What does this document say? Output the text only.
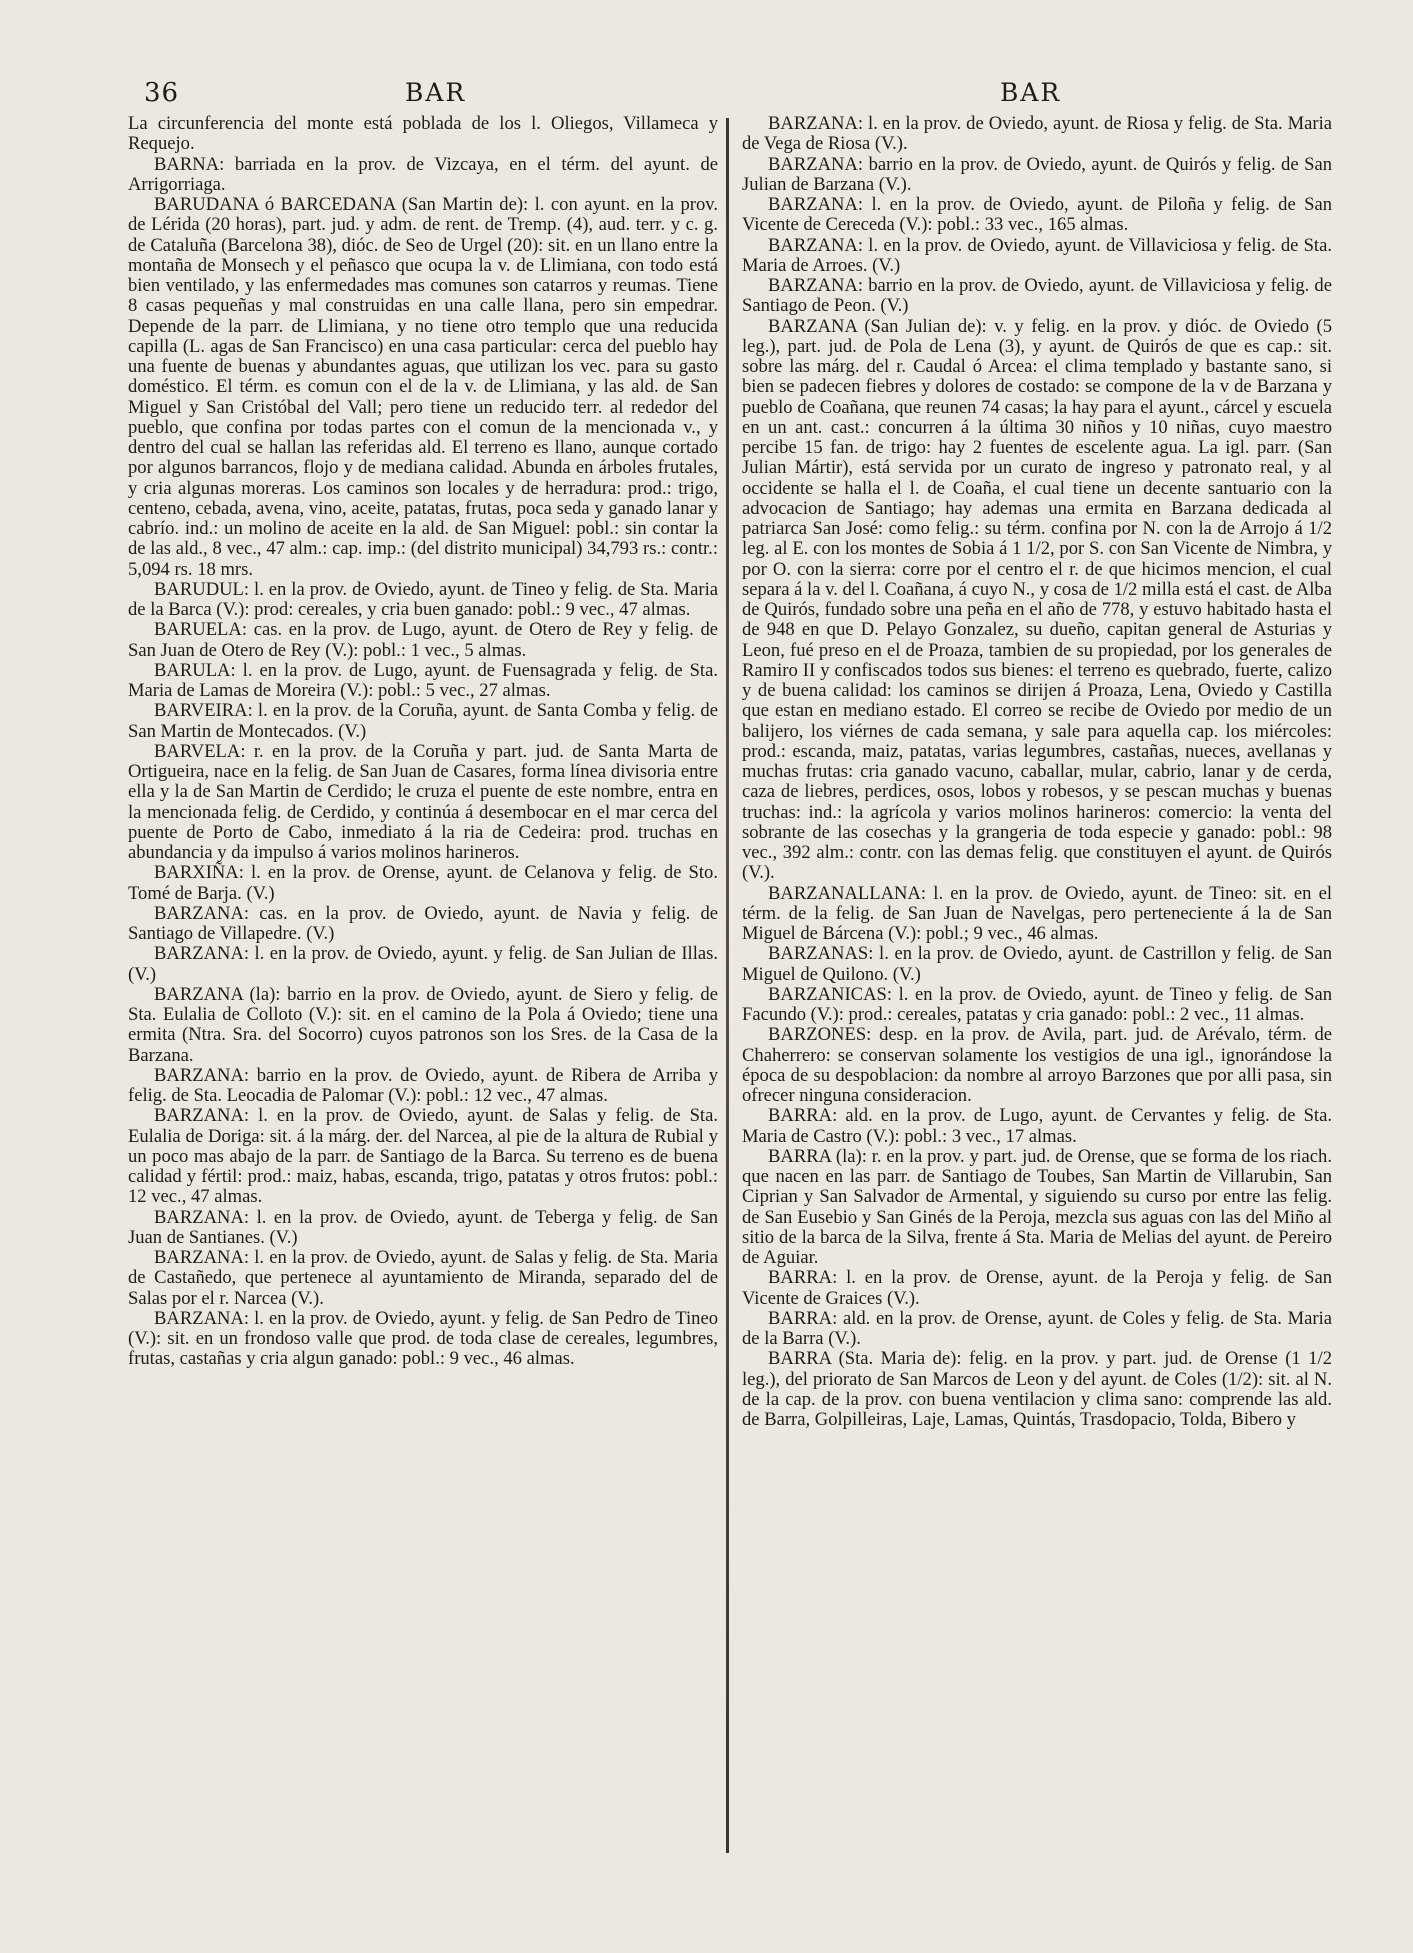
36	BAR	BAR

La circunferencia del monte está poblada de los l. Oliegos, Villameca y Requejo.

BARNA: barriada en la prov. de Vizcaya, en el térm. del ayunt. de Arrigorriaga.

BARUDANA ó BARCEDANA (San Martin de): l. con ayunt. en la prov. de Lérida (20 horas), part. jud. y adm. de rent. de Tremp. (4), aud. terr. y c. g. de Cataluña (Barcelona 38), dióc. de Seo de Urgel (20): sit. en un llano entre la montaña de Monsech y el peñasco que ocupa la v. de Llimiana, con todo está bien ventilado, y las enfermedades mas comunes son catarros y reumas. Tiene 8 casas pequeñas y mal construidas en una calle llana, pero sin empedrar. Depende de la parr. de Llimiana, y no tiene otro templo que una reducida capilla (L. agas de San Francisco) en una casa particular: cerca del pueblo hay una fuente de buenas y abundantes aguas, que utilizan los vec. para su gasto doméstico. El térm. es comun con el de la v. de Llimiana, y las ald. de San Miguel y San Cristóbal del Vall; pero tiene un reducido terr. al rededor del pueblo, que confina por todas partes con el comun de la mencionada v., y dentro del cual se hallan las referidas ald. El terreno es llano, aunque cortado por algunos barrancos, flojo y de mediana calidad. Abunda en árboles frutales, y cria algunas moreras. Los caminos son locales y de herradura: prod.: trigo, centeno, cebada, avena, vino, aceite, patatas, frutas, poca seda y ganado lanar y cabrío. ind.: un molino de aceite en la ald. de San Miguel: pobl.: sin contar la de las ald., 8 vec., 47 alm.: cap. imp.: (del distrito municipal) 34,793 rs.: contr.: 5,094 rs. 18 mrs.

BARUDUL: l. en la prov. de Oviedo, ayunt. de Tineo y felig. de Sta. Maria de la Barca (V.): prod: cereales, y cria buen ganado: pobl.: 9 vec., 47 almas.

BARUELA: cas. en la prov. de Lugo, ayunt. de Otero de Rey y felig. de San Juan de Otero de Rey (V.): pobl.: 1 vec., 5 almas.

BARULA: l. en la prov. de Lugo, ayunt. de Fuensagrada y felig. de Sta. Maria de Lamas de Moreira (V.): pobl.: 5 vec., 27 almas.

BARVEIRA: l. en la prov. de la Coruña, ayunt. de Santa Comba y felig. de San Martin de Montecados. (V.)

BARVELA: r. en la prov. de la Coruña y part. jud. de Santa Marta de Ortigueira, nace en la felig. de San Juan de Casares, forma línea divisoria entre ella y la de San Martin de Cerdido; le cruza el puente de este nombre, entra en la mencionada felig. de Cerdido, y continúa á desembocar en el mar cerca del puente de Porto de Cabo, inmediato á la ria de Cedeira: prod. truchas en abundancia y da impulso á varios molinos harineros.

BARXIÑA: l. en la prov. de Orense, ayunt. de Celanova y felig. de Sto. Tomé de Barja. (V.)

BARZANA: cas. en la prov. de Oviedo, ayunt. de Navia y felig. de Santiago de Villapedre. (V.)

BARZANA: l. en la prov. de Oviedo, ayunt. y felig. de San Julian de Illas. (V.)

BARZANA (la): barrio en la prov. de Oviedo, ayunt. de Siero y felig. de Sta. Eulalia de Colloto (V.): sit. en el camino de la Pola á Oviedo; tiene una ermita (Ntra. Sra. del Socorro) cuyos patronos son los Sres. de la Casa de la Barzana.

BARZANA: barrio en la prov. de Oviedo, ayunt. de Ribera de Arriba y felig. de Sta. Leocadia de Palomar (V.): pobl.: 12 vec., 47 almas.

BARZANA: l. en la prov. de Oviedo, ayunt. de Salas y felig. de Sta. Eulalia de Doriga: sit. á la márg. der. del Narcea, al pie de la altura de Rubial y un poco mas abajo de la parr. de Santiago de la Barca. Su terreno es de buena calidad y fértil: prod.: maiz, habas, escanda, trigo, patatas y otros frutos: pobl.: 12 vec., 47 almas.

BARZANA: l. en la prov. de Oviedo, ayunt. de Teberga y felig. de San Juan de Santianes. (V.)

BARZANA: l. en la prov. de Oviedo, ayunt. de Salas y felig. de Sta. Maria de Castañedo, que pertenece al ayuntamiento de Miranda, separado del de Salas por el r. Narcea (V.).

BARZANA: l. en la prov. de Oviedo, ayunt. y felig. de San Pedro de Tineo (V.): sit. en un frondoso valle que prod. de toda clase de cereales, legumbres, frutas, castañas y cria algun ganado: pobl.: 9 vec., 46 almas.

BARZANA: l. en la prov. de Oviedo, ayunt. de Riosa y felig. de Sta. Maria de Vega de Riosa (V.).

BARZANA: barrio en la prov. de Oviedo, ayunt. de Quirós y felig. de San Julian de Barzana (V.).

BARZANA: l. en la prov. de Oviedo, ayunt. de Piloña y felig. de San Vicente de Cereceda (V.): pobl.: 33 vec., 165 almas.

BARZANA: l. en la prov. de Oviedo, ayunt. de Villaviciosa y felig. de Sta. Maria de Arroes. (V.)

BARZANA: barrio en la prov. de Oviedo, ayunt. de Villaviciosa y felig. de Santiago de Peon. (V.)

BARZANA (San Julian de): v. y felig. en la prov. y dióc. de Oviedo (5 leg.), part. jud. de Pola de Lena (3), y ayunt. de Quirós de que es cap.: sit. sobre las márg. del r. Caudal ó Arcea: el clima templado y bastante sano, si bien se padecen fiebres y dolores de costado: se compone de la v de Barzana y pueblo de Coañana, que reunen 74 casas; la hay para el ayunt., cárcel y escuela en un ant. cast.: concurren á la última 30 niños y 10 niñas, cuyo maestro percibe 15 fan. de trigo: hay 2 fuentes de escelente agua. La igl. parr. (San Julian Mártir), está servida por un curato de ingreso y patronato real, y al occidente se halla el l. de Coaña, el cual tiene un decente santuario con la advocacion de Santiago; hay ademas una ermita en Barzana dedicada al patriarca San José: como felig.: su térm. confina por N. con la de Arrojo á 1/2 leg. al E. con los montes de Sobia á 1 1/2, por S. con San Vicente de Nimbra, y por O. con la sierra: corre por el centro el r. de que hicimos mencion, el cual separa á la v. del l. Coañana, á cuyo N., y cosa de 1/2 milla está el cast. de Alba de Quirós, fundado sobre una peña en el año de 778, y estuvo habitado hasta el de 948 en que D. Pelayo Gonzalez, su dueño, capitan general de Asturias y Leon, fué preso en el de Proaza, tambien de su propiedad, por los generales de Ramiro II y confiscados todos sus bienes: el terreno es quebrado, fuerte, calizo y de buena calidad: los caminos se dirijen á Proaza, Lena, Oviedo y Castilla que estan en mediano estado. El correo se recibe de Oviedo por medio de un balijero, los viérnes de cada semana, y sale para aquella cap. los miércoles: prod.: escanda, maiz, patatas, varias legumbres, castañas, nueces, avellanas y muchas frutas: cria ganado vacuno, caballar, mular, cabrio, lanar y de cerda, caza de liebres, perdices, osos, lobos y robesos, y se pescan muchas y buenas truchas: ind.: la agrícola y varios molinos harineros: comercio: la venta del sobrante de las cosechas y la grangeria de toda especie y ganado: pobl.: 98 vec., 392 alm.: contr. con las demas felig. que constituyen el ayunt. de Quirós (V.).

BARZANALLANA: l. en la prov. de Oviedo, ayunt. de Tineo: sit. en el térm. de la felig. de San Juan de Navelgas, pero perteneciente á la de San Miguel de Bárcena (V.): pobl.; 9 vec., 46 almas.

BARZANAS: l. en la prov. de Oviedo, ayunt. de Castrillon y felig. de San Miguel de Quilono. (V.)

BARZANICAS: l. en la prov. de Oviedo, ayunt. de Tineo y felig. de San Facundo (V.): prod.: cereales, patatas y cria ganado: pobl.: 2 vec., 11 almas.

BARZONES: desp. en la prov. de Avila, part. jud. de Arévalo, térm. de Chaherrero: se conservan solamente los vestigios de una igl., ignorándose la época de su despoblacion: da nombre al arroyo Barzones que por alli pasa, sin ofrecer ninguna consideracion.

BARRA: ald. en la prov. de Lugo, ayunt. de Cervantes y felig. de Sta. Maria de Castro (V.): pobl.: 3 vec., 17 almas.

BARRA (la): r. en la prov. y part. jud. de Orense, que se forma de los riach. que nacen en las parr. de Santiago de Toubes, San Martin de Villarubin, San Ciprian y San Salvador de Armental, y siguiendo su curso por entre las felig. de San Eusebio y San Ginés de la Peroja, mezcla sus aguas con las del Miño al sitio de la barca de la Silva, frente á Sta. Maria de Melias del ayunt. de Pereiro de Aguiar.

BARRA: l. en la prov. de Orense, ayunt. de la Peroja y felig. de San Vicente de Graices (V.).

BARRA: ald. en la prov. de Orense, ayunt. de Coles y felig. de Sta. Maria de la Barra (V.).

BARRA (Sta. Maria de): felig. en la prov. y part. jud. de Orense (1 1/2 leg.), del priorato de San Marcos de Leon y del ayunt. de Coles (1/2): sit. al N. de la cap. de la prov. con buena ventilacion y clima sano: comprende las ald. de Barra, Golpilleiras, Laje, Lamas, Quintás, Trasdopacio, Tolda, Bibero y
